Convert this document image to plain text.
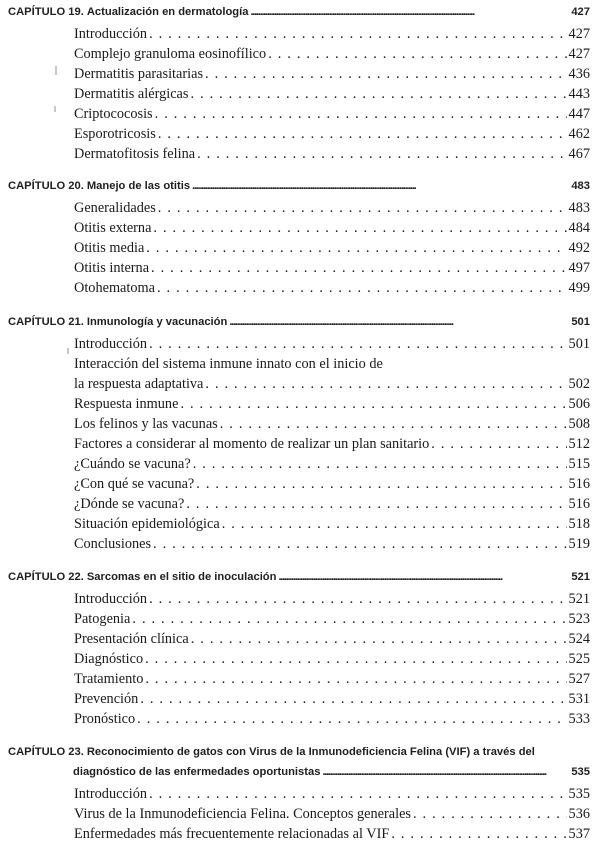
CAPÍTULO 19. Actualización en dermatología . . .	427
Introducción . . .	427
Complejo granuloma eosinofílico . . .	427
Dermatitis parasitarias . . .	436
Dermatitis alérgicas . . .	443
Criptococosis . . .	447
Esporotricosis . . .	462
Dermatofitosis felina . . .	467
CAPÍTULO 20. Manejo de las otitis . . .	483
Generalidades . . .	483
Otitis externa . . .	484
Otitis media . . .	492
Otitis interna . . .	497
Otohematoma . . .	499
CAPÍTULO 21. Inmunología y vacunación . . .	501
Introducción . . .	501
Interacción del sistema inmune innato con el inicio de
la respuesta adaptativa . . .	502
Respuesta inmune . . .	506
Los felinos y las vacunas . . .	508
Factores a considerar al momento de realizar un plan sanitario . . .	512
¿Cuándo se vacuna? . . .	515
¿Con qué se vacuna? . . .	516
¿Dónde se vacuna? . . .	516
Situación epidemiológica . . .	518
Conclusiones . . .	519
CAPÍTULO 22. Sarcomas en el sitio de inoculación . . .	521
Introducción . . .	521
Patogenia . . .	523
Presentación clínica . . .	524
Diagnóstico . . .	525
Tratamiento . . .	527
Prevención . . .	531
Pronóstico . . .	533
CAPÍTULO 23. Reconocimiento de gatos con Virus de la Inmunodeficiencia Felina (VIF) a través del
diagnóstico de las enfermedades oportunistas . . .	535
Introducción . . .	535
Virus de la Inmunodeficiencia Felina. Conceptos generales . . .	536
Enfermedades más frecuentemente relacionadas al VIF . . .	537
